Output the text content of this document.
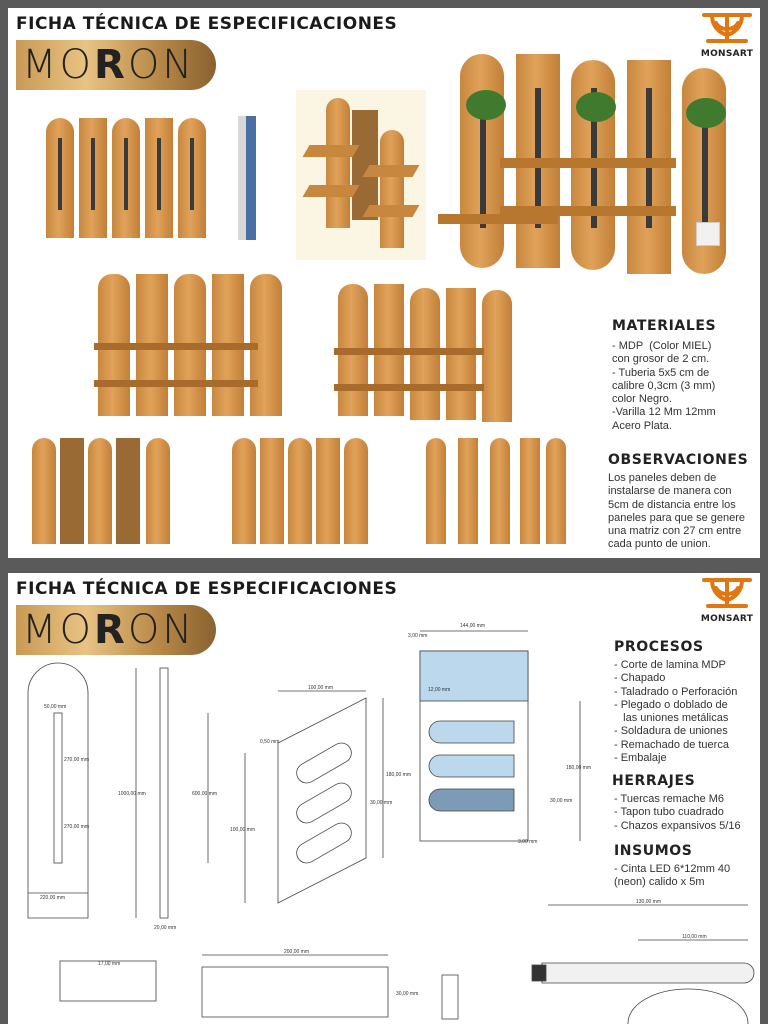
FICHA TÉCNICA DE ESPECIFICACIONES
MORON	MONSART
MATERIALES
- MDP  (Color MIEL)
con grosor de 2 cm.
- Tuberia 5x5 cm de
calibre 0,3cm (3 mm)
color Negro.
-Varilla 12 Mm 12mm
Acero Plata.
OBSERVACIONES
Los paneles deben de
instalarse de manera con
5cm de distancia entre los
paneles para que se genere
una matriz con 27 cm entre
cada punto de union.
FICHA TÉCNICA DE ESPECIFICACIONES
MORON	MONSART
50,00 mm
270,00 mm
270,00 mm
220,00 mm
1000,00 mm	600,00 mm
20,00 mm
100,00 mm
0,50 mm
180,00 mm
100,00 mm
30,00 mm
144,00 mm
3,00 mm
12,00 mm
180,00 mm
30,00 mm
3,00 mm
17,00 mm
200,00 mm
30,00 mm
130,00 mm
110,00 mm
PROCESOS
- Corte de lamina MDP
- Chapado
- Taladrado o Perforación
- Plegado o doblado de
las uniones metálicas
- Soldadura de uniones
- Remachado de tuerca
- Embalaje
HERRAJES
- Tuercas remache M6
- Tapon tubo cuadrado
- Chazos expansivos 5/16
INSUMOS
- Cinta LED 6*12mm 40
(neon) calido x 5m
